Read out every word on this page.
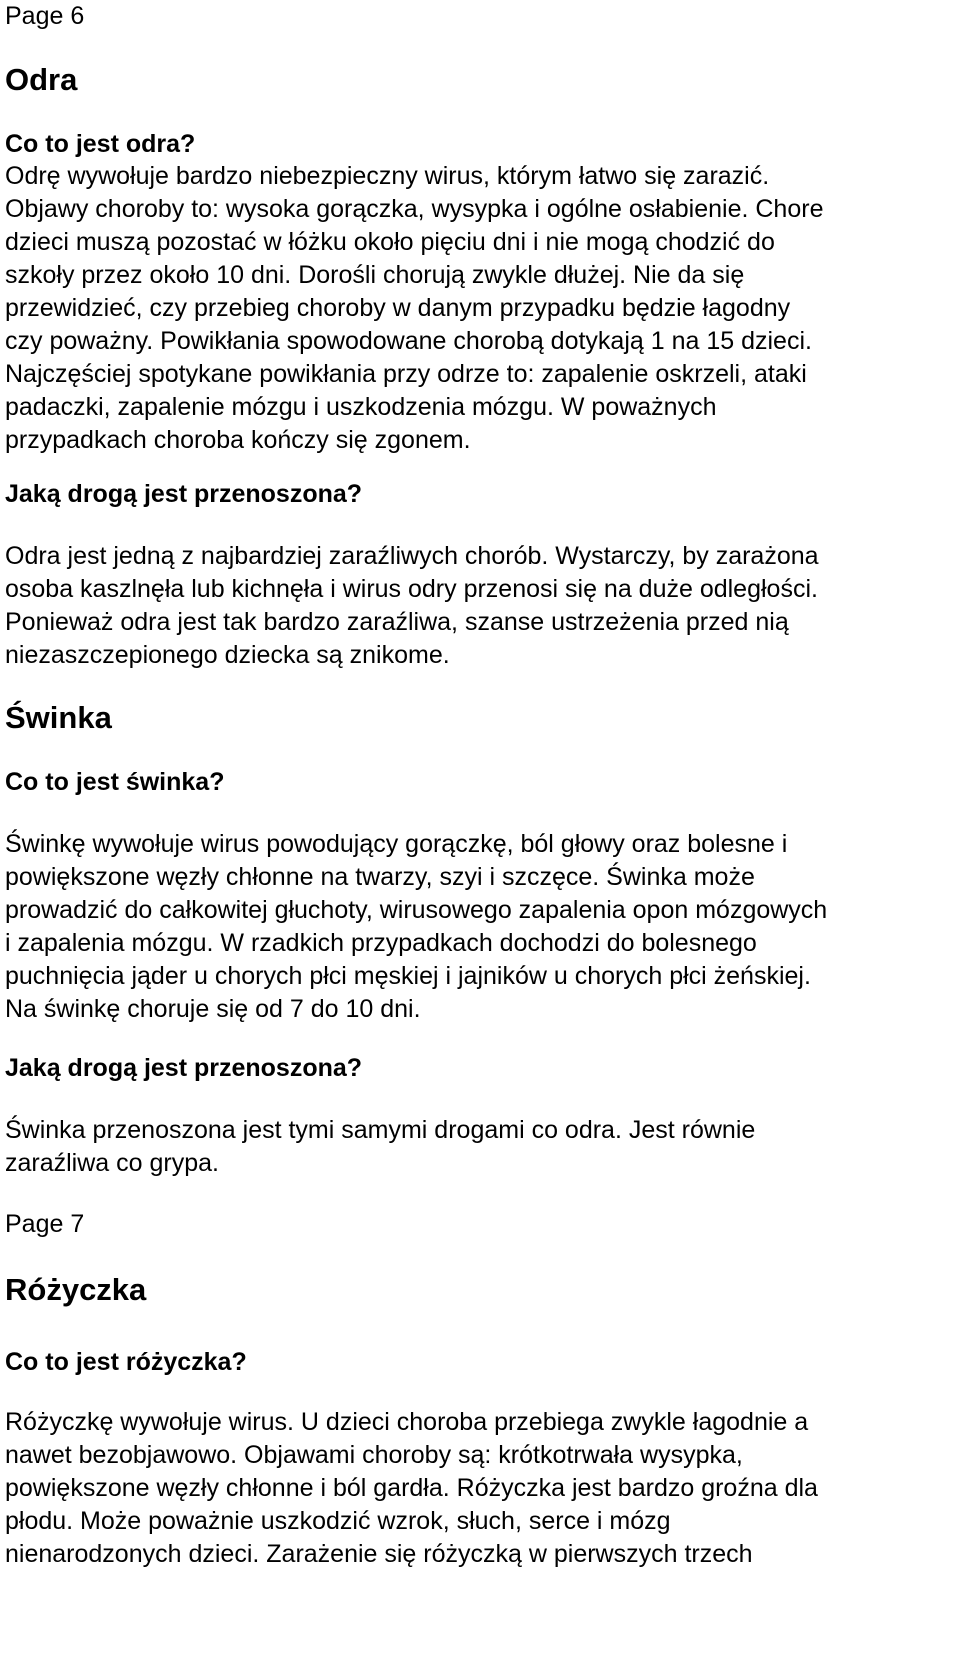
Page 6
Odra
Co to jest odra?
Odrę wywołuje bardzo niebezpieczny wirus, którym łatwo się zarazić.
Objawy choroby to: wysoka gorączka, wysypka i ogólne osłabienie. Chore
dzieci muszą pozostać w łóżku około pięciu dni i nie mogą chodzić do
szkoły przez około 10 dni. Dorośli chorują zwykle dłużej. Nie da się
przewidzieć, czy przebieg choroby w danym przypadku będzie łagodny
czy poważny. Powikłania spowodowane chorobą dotykają 1 na 15 dzieci.
Najczęściej spotykane powikłania przy odrze to: zapalenie oskrzeli, ataki
padaczki, zapalenie mózgu i uszkodzenia mózgu. W poważnych
przypadkach choroba kończy się zgonem.
Jaką drogą jest przenoszona?
Odra jest jedną z najbardziej zaraźliwych chorób. Wystarczy, by zarażona
osoba kaszlnęła lub kichnęła i wirus odry przenosi się na duże odległości.
Ponieważ odra jest tak bardzo zaraźliwa, szanse ustrzeżenia przed nią
niezaszczepionego dziecka są znikome.
Świnka
Co to jest świnka?
Świnkę wywołuje wirus powodujący gorączkę, ból głowy oraz bolesne i
powiększone węzły chłonne na twarzy, szyi i szczęce. Świnka może
prowadzić do całkowitej głuchoty, wirusowego zapalenia opon mózgowych
i zapalenia mózgu. W rzadkich przypadkach dochodzi do bolesnego
puchnięcia jąder u chorych płci męskiej i jajników u chorych płci żeńskiej.
Na świnkę choruje się od 7 do 10 dni.
Jaką drogą jest przenoszona?
Świnka przenoszona jest tymi samymi drogami co odra. Jest równie
zaraźliwa co grypa.
Page 7
Różyczka
Co to jest różyczka?
Różyczkę wywołuje wirus. U dzieci choroba przebiega zwykle łagodnie a
nawet bezobjawowo. Objawami choroby są: krótkotrwała wysypka,
powiększone węzły chłonne i ból gardła. Różyczka jest bardzo groźna dla
płodu. Może poważnie uszkodzić wzrok, słuch, serce i mózg
nienarodzonych dzieci. Zarażenie się różyczką w pierwszych trzech
